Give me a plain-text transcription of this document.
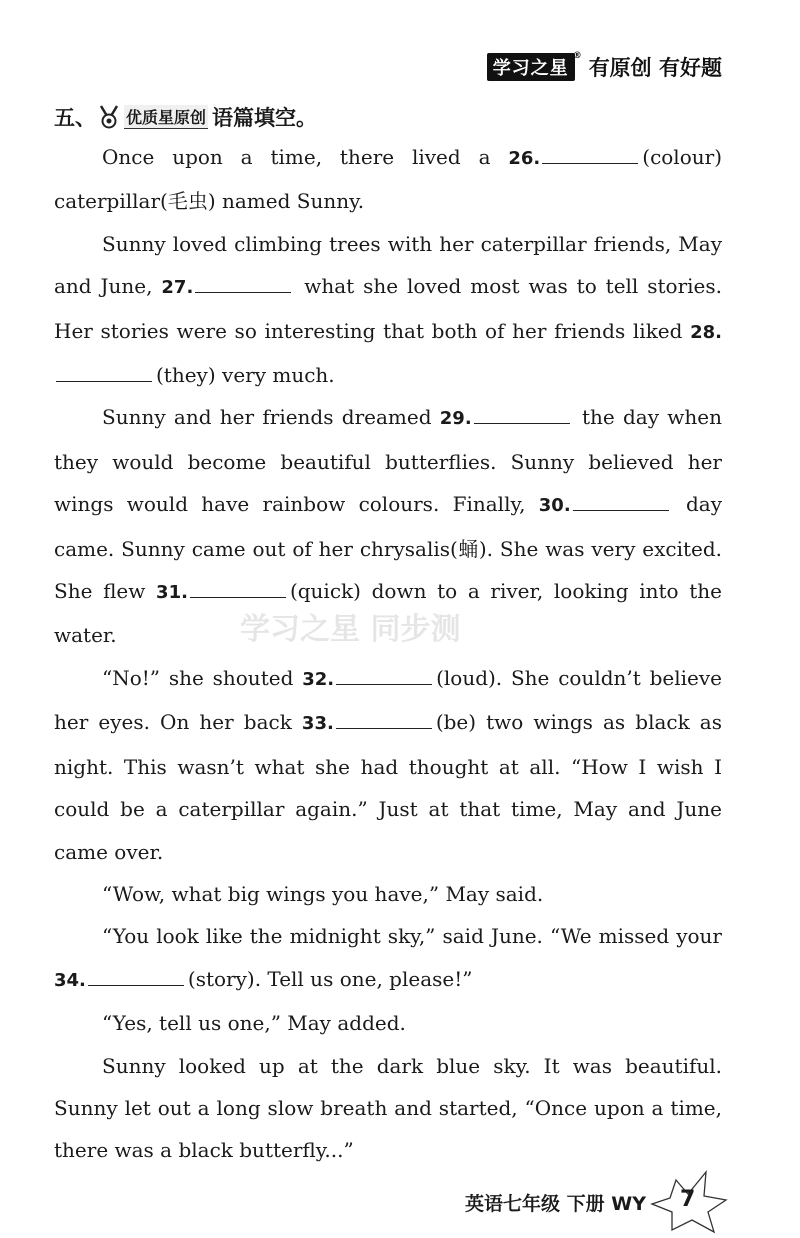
学习之星
® 有原创 有好题
五、 优质星原创 语篇填空。

Once upon a time, there lived a 26.	(colour) caterpillar(毛虫) named Sunny.

Sunny loved climbing trees with her caterpillar friends, May and June, 27.	what she loved most was to tell stories. Her stories were so interesting that both of her friends liked 28.(they) very much.

Sunny and her friends dreamed 29.	the day when they would become beautiful butterflies. Sunny believed her wings would have rainbow colours. Finally, 30.	day came. Sunny came out of her chrysalis(蛹). She was very excited. She flew 31.	(quick) down to a river, looking into the water.

“No!” she shouted 32.	(loud). She couldn’t believe her eyes. On her back 33.	(be) two wings as black as night. This wasn’t what she had thought at all. “How I wish I could be a caterpillar again.” Just at that time, May and June came over.

“Wow, what big wings you have,” May said.

“You look like the midnight sky,” said June. “We missed your 34.	(story). Tell us one, please!”

“Yes, tell us one,” May added.

Sunny looked up at the dark blue sky. It was beautiful. Sunny let out a long slow breath and started, “Once upon a time, there was a black butterfly...”

学习之星 同步测
英语七年级 下册 WY 7
